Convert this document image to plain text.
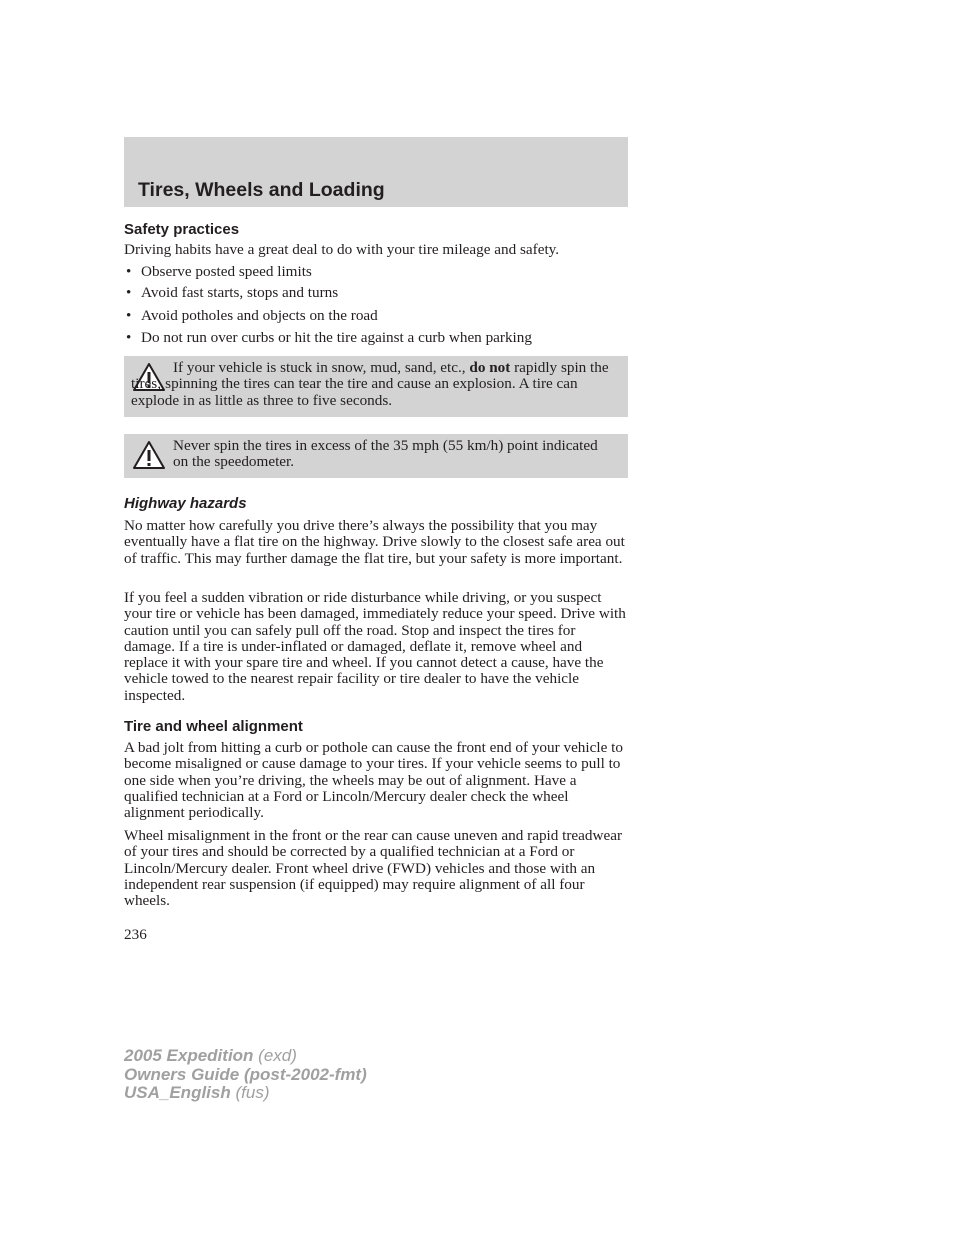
Tires, Wheels and Loading
Safety practices

Driving habits have a great deal to do with your tire mileage and safety.

• Observe posted speed limits
• Avoid fast starts, stops and turns
• Avoid potholes and objects on the road
• Do not run over curbs or hit the tire against a curb when parking
If your vehicle is stuck in snow, mud, sand, etc., do not rapidly spin the tires; spinning the tires can tear the tire and cause an explosion. A tire can explode in as little as three to five seconds.
Never spin the tires in excess of the 35 mph (55 km/h) point indicated on the speedometer.
Highway hazards

No matter how carefully you drive there’s always the possibility that you may eventually have a flat tire on the highway. Drive slowly to the closest safe area out of traffic. This may further damage the flat tire, but your safety is more important.

If you feel a sudden vibration or ride disturbance while driving, or you suspect your tire or vehicle has been damaged, immediately reduce your speed. Drive with caution until you can safely pull off the road. Stop and inspect the tires for damage. If a tire is under-inflated or damaged, deflate it, remove wheel and replace it with your spare tire and wheel. If you cannot detect a cause, have the vehicle towed to the nearest repair facility or tire dealer to have the vehicle inspected.

Tire and wheel alignment

A bad jolt from hitting a curb or pothole can cause the front end of your vehicle to become misaligned or cause damage to your tires. If your vehicle seems to pull to one side when you’re driving, the wheels may be out of alignment. Have a qualified technician at a Ford or Lincoln/Mercury dealer check the wheel alignment periodically.

Wheel misalignment in the front or the rear can cause uneven and rapid treadwear of your tires and should be corrected by a qualified technician at a Ford or Lincoln/Mercury dealer. Front wheel drive (FWD) vehicles and those with an independent rear suspension (if equipped) may require alignment of all four wheels.

236
2005 Expedition (exd)
Owners Guide (post-2002-fmt)
USA_English (fus)
